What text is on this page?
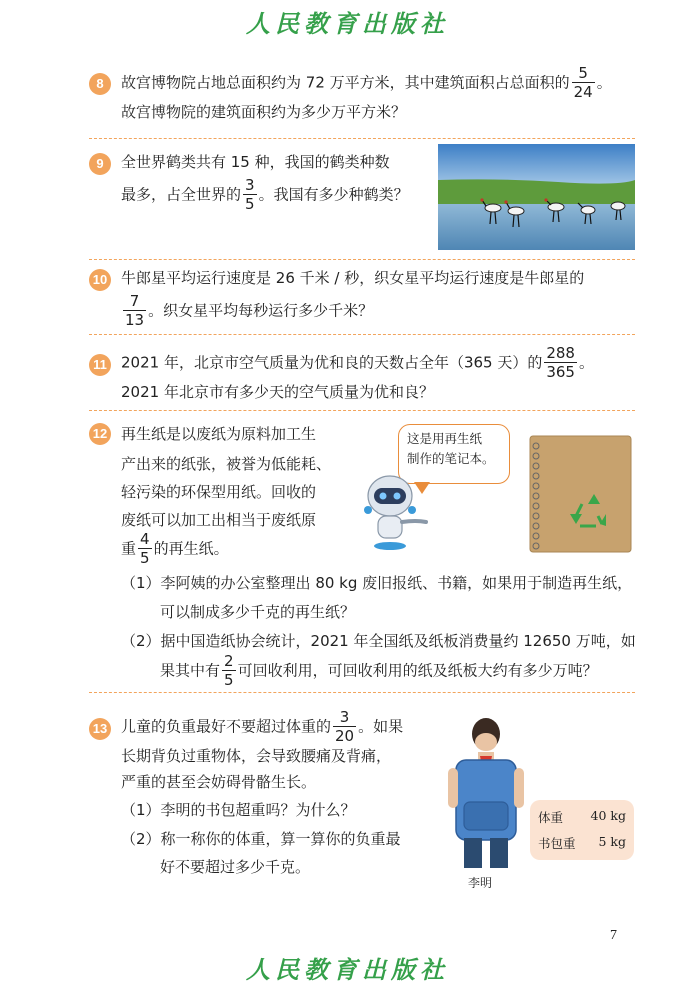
人民教育出版社
8	故宫博物院占地总面积约为 72 万平方米，其中建筑面积占总面积的 $\frac{5}{24}$ 。
故宫博物院的建筑面积约为多少万平方米？
9	全世界鹤类共有 15 种，我国的鹤类种数
最多，占全世界的 $\frac{3}{5}$ 。我国有多少种鹤类？
10 牛郎星平均运行速度是 26 千米 / 秒，织女星平均运行速度是牛郎星的
$\frac{7}{13}$ 。织女星平均每秒运行多少千米？
11 2021 年，北京市空气质量为优和良的天数占全年（365 天）的 $\frac{288}{365}$ 。
2021 年北京市有多少天的空气质量为优和良？
12 再生纸是以废纸为原料加工生
产出来的纸张，被誉为低能耗、
轻污染的环保型用纸。回收的
废纸可以加工出相当于废纸原
重 $\frac{4}{5}$ 的再生纸。
这是用再生纸
制作的笔记本。
（1）李阿姨的办公室整理出 80 kg 废旧报纸、书籍，如果用于制造再生纸，
可以制成多少千克的再生纸？
（2）据中国造纸协会统计，2021 年全国纸及纸板消费量约 12650 万吨，如
果其中有 $\frac{2}{5}$ 可回收利用，可回收利用的纸及纸板大约有多少万吨？
13 儿童的负重最好不要超过体重的 $\frac{3}{20}$ 。如果
长期背负过重物体，会导致腰痛及背痛，
严重的甚至会妨碍骨骼生长。
（1）李明的书包超重吗？为什么？
（2）称一称你的体重，算一算你的负重最
好不要超过多少千克。
李明
体重 40 kg
书包重 5 kg
7
人民教育出版社
